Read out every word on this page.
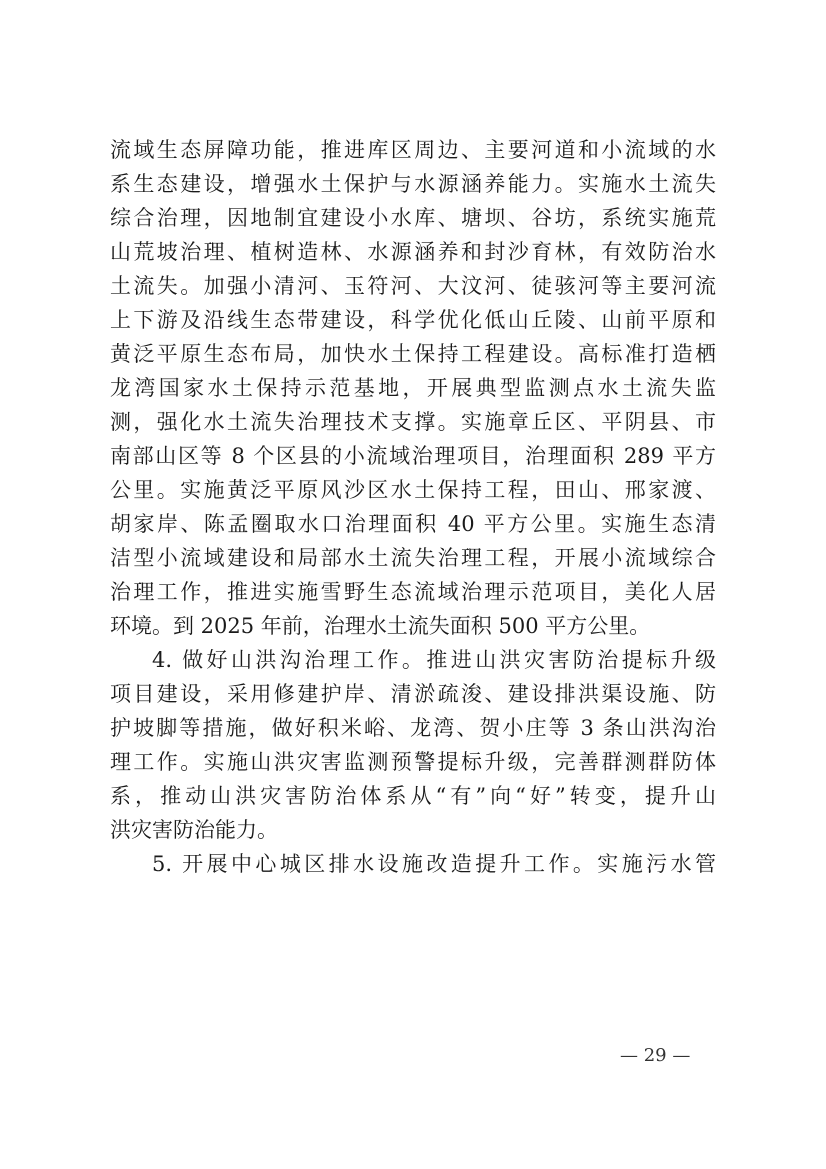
流域生态屏障功能，推进库区周边、主要河道和小流域的水
系生态建设，增强水土保护与水源涵养能力。实施水土流失
综合治理，因地制宜建设小水库、塘坝、谷坊，系统实施荒
山荒坡治理、植树造林、水源涵养和封沙育林，有效防治水
土流失。加强小清河、玉符河、大汶河、徒骇河等主要河流
上下游及沿线生态带建设，科学优化低山丘陵、山前平原和
黄泛平原生态布局，加快水土保持工程建设。高标准打造栖
龙湾国家水土保持示范基地，开展典型监测点水土流失监
测，强化水土流失治理技术支撑。实施章丘区、平阴县、市
南部山区等 8 个区县的小流域治理项目，治理面积 289 平方
公里。实施黄泛平原风沙区水土保持工程，田山、邢家渡、
胡家岸、陈孟圈取水口治理面积 40 平方公里。实施生态清
洁型小流域建设和局部水土流失治理工程，开展小流域综合
治理工作，推进实施雪野生态流域治理示范项目，美化人居
环境。到 2025 年前，治理水土流失面积 500 平方公里。
4. 做好山洪沟治理工作。推进山洪灾害防治提标升级
项目建设，采用修建护岸、清淤疏浚、建设排洪渠设施、防
护坡脚等措施，做好积米峪、龙湾、贺小庄等 3 条山洪沟治
理工作。实施山洪灾害监测预警提标升级，完善群测群防体
系，推动山洪灾害防治体系从“有”向“好”转变，提升山
洪灾害防治能力。
5. 开展中心城区排水设施改造提升工作。实施污水管
— 29 —
